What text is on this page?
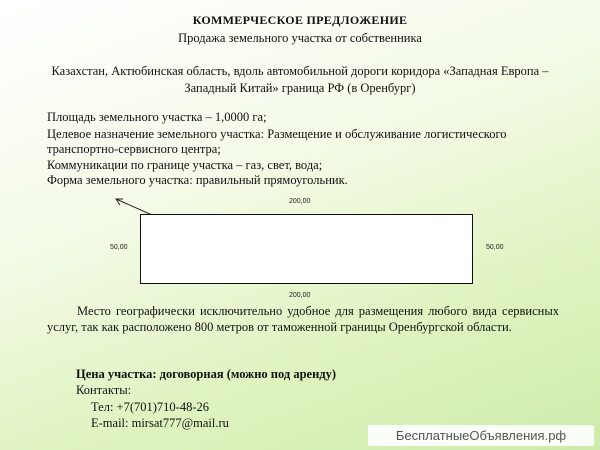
КОММЕРЧЕСКОЕ ПРЕДЛОЖЕНИЕ
Продажа земельного участка от собственника
Казахстан, Актюбинская область, вдоль автомобильной дороги коридора «Западная Европа – Западный Китай» граница РФ (в Оренбург)
Площадь земельного участка – 1,0000 га;
Целевое назначение земельного участка: Размещение и обслуживание логистического транспортно-сервисного центра;
Коммуникации по границе участка – газ, свет, вода;
Форма земельного участка: правильный прямоугольник.
200,00
50,00	50,00
200,00
Место географически исключительно удобное для размещения любого вида сервисных услуг, так как расположено 800 метров от таможенной границы Оренбургской области.
Цена участка: договорная (можно под аренду)
Контакты:
Тел: +7(701)710-48-26
E-mail: mirsat777@mail.ru
БесплатныеОбъявления.рф
